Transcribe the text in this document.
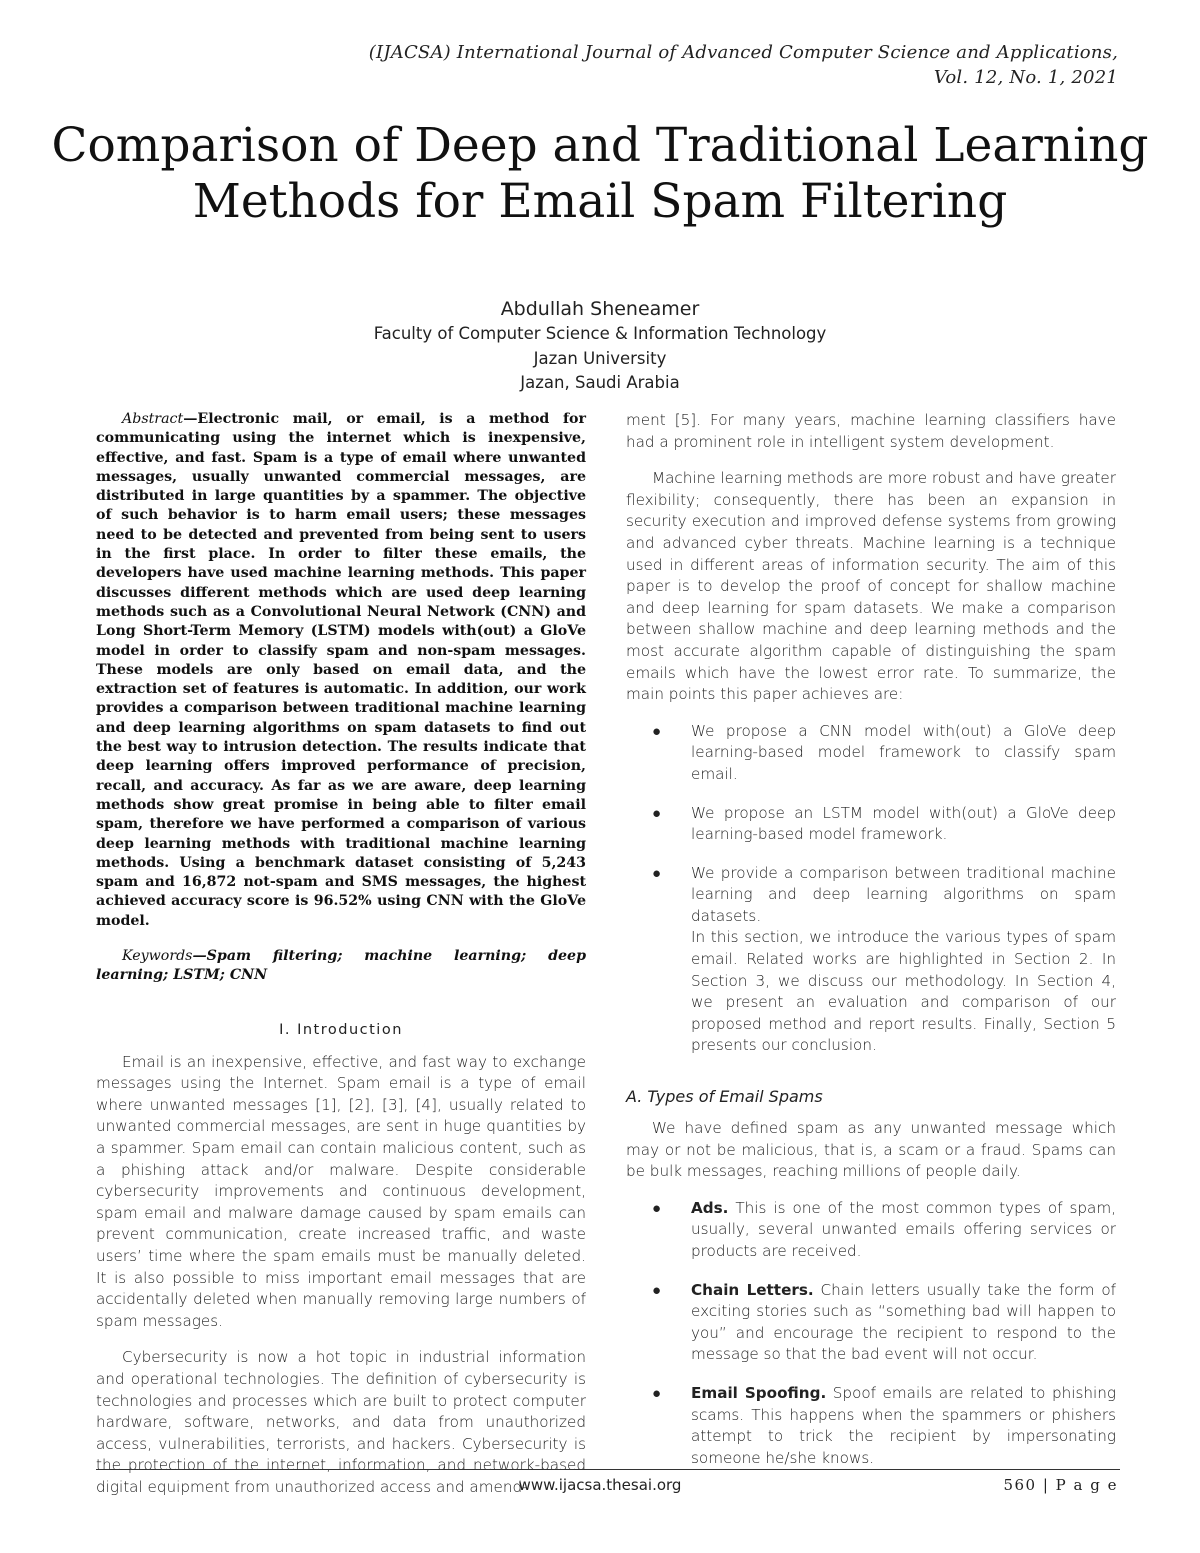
(IJACSA) International Journal of Advanced Computer Science and Applications,
Vol. 12, No. 1, 2021
Comparison of Deep and Traditional Learning
Methods for Email Spam Filtering
Abdullah Sheneamer
Faculty of Computer Science & Information Technology
Jazan University
Jazan, Saudi Arabia

Abstract—Electronic mail, or email, is a method for communicating using the internet which is inexpensive, effective, and fast. Spam is a type of email where unwanted messages, usually unwanted commercial messages, are distributed in large quantities by a spammer. The objective of such behavior is to harm email users; these messages need to be detected and prevented from being sent to users in the first place. In order to filter these emails, the developers have used machine learning methods. This paper discusses different methods which are used deep learning methods such as a Convolutional Neural Network (CNN) and Long Short-Term Memory (LSTM) models with(out) a GloVe model in order to classify spam and non-spam messages. These models are only based on email data, and the extraction set of features is automatic. In addition, our work provides a comparison between traditional machine learning and deep learning algorithms on spam datasets to find out the best way to intrusion detection. The results indicate that deep learning offers improved performance of precision, recall, and accuracy. As far as we are aware, deep learning methods show great promise in being able to filter email spam, therefore we have performed a comparison of various deep learning methods with traditional machine learning methods. Using a benchmark dataset consisting of 5,243 spam and 16,872 not-spam and SMS messages, the highest achieved accuracy score is 96.52% using CNN with the GloVe model.

Keywords—Spam filtering; machine learning; deep learning; LSTM; CNN

I. Introduction

Email is an inexpensive, effective, and fast way to exchange messages using the Internet. Spam email is a type of email where unwanted messages [1], [2], [3], [4], usually related to unwanted commercial messages, are sent in huge quantities by a spammer. Spam email can contain malicious content, such as a phishing attack and/or malware. Despite considerable cybersecurity improvements and continuous development, spam email and malware damage caused by spam emails can prevent communication, create increased traffic, and waste users’ time where the spam emails must be manually deleted. It is also possible to miss important email messages that are accidentally deleted when manually removing large numbers of spam messages.

Cybersecurity is now a hot topic in industrial information and operational technologies. The definition of cybersecurity is technologies and processes which are built to protect computer hardware, software, networks, and data from unauthorized access, vulnerabilities, terrorists, and hackers. Cybersecurity is the protection of the internet, information, and network-based digital equipment from unauthorized access and amend-

ment [5]. For many years, machine learning classifiers have had a prominent role in intelligent system development.

Machine learning methods are more robust and have greater flexibility; consequently, there has been an expansion in security execution and improved defense systems from growing and advanced cyber threats. Machine learning is a technique used in different areas of information security. The aim of this paper is to develop the proof of concept for shallow machine and deep learning for spam datasets. We make a comparison between shallow machine and deep learning methods and the most accurate algorithm capable of distinguishing the spam emails which have the lowest error rate. To summarize, the main points this paper achieves are:

● We propose a CNN model with(out) a GloVe deep learning-based model framework to classify spam email.
● We propose an LSTM model with(out) a GloVe deep learning-based model framework.
● We provide a comparison between traditional machine learning and deep learning algorithms on spam datasets.
In this section, we introduce the various types of spam email. Related works are highlighted in Section 2. In Section 3, we discuss our methodology. In Section 4, we present an evaluation and comparison of our proposed method and report results. Finally, Section 5 presents our conclusion.
A. Types of Email Spams

We have defined spam as any unwanted message which may or not be malicious, that is, a scam or a fraud. Spams can be bulk messages, reaching millions of people daily.

● Ads. This is one of the most common types of spam, usually, several unwanted emails offering services or products are received.
● Chain Letters. Chain letters usually take the form of exciting stories such as “something bad will happen to you” and encourage the recipient to respond to the message so that the bad event will not occur.
● Email Spoofing. Spoof emails are related to phishing scams. This happens when the spammers or phishers attempt to trick the recipient by impersonating someone he/she knows.
www.ijacsa.thesai.org	560 | P a g e
